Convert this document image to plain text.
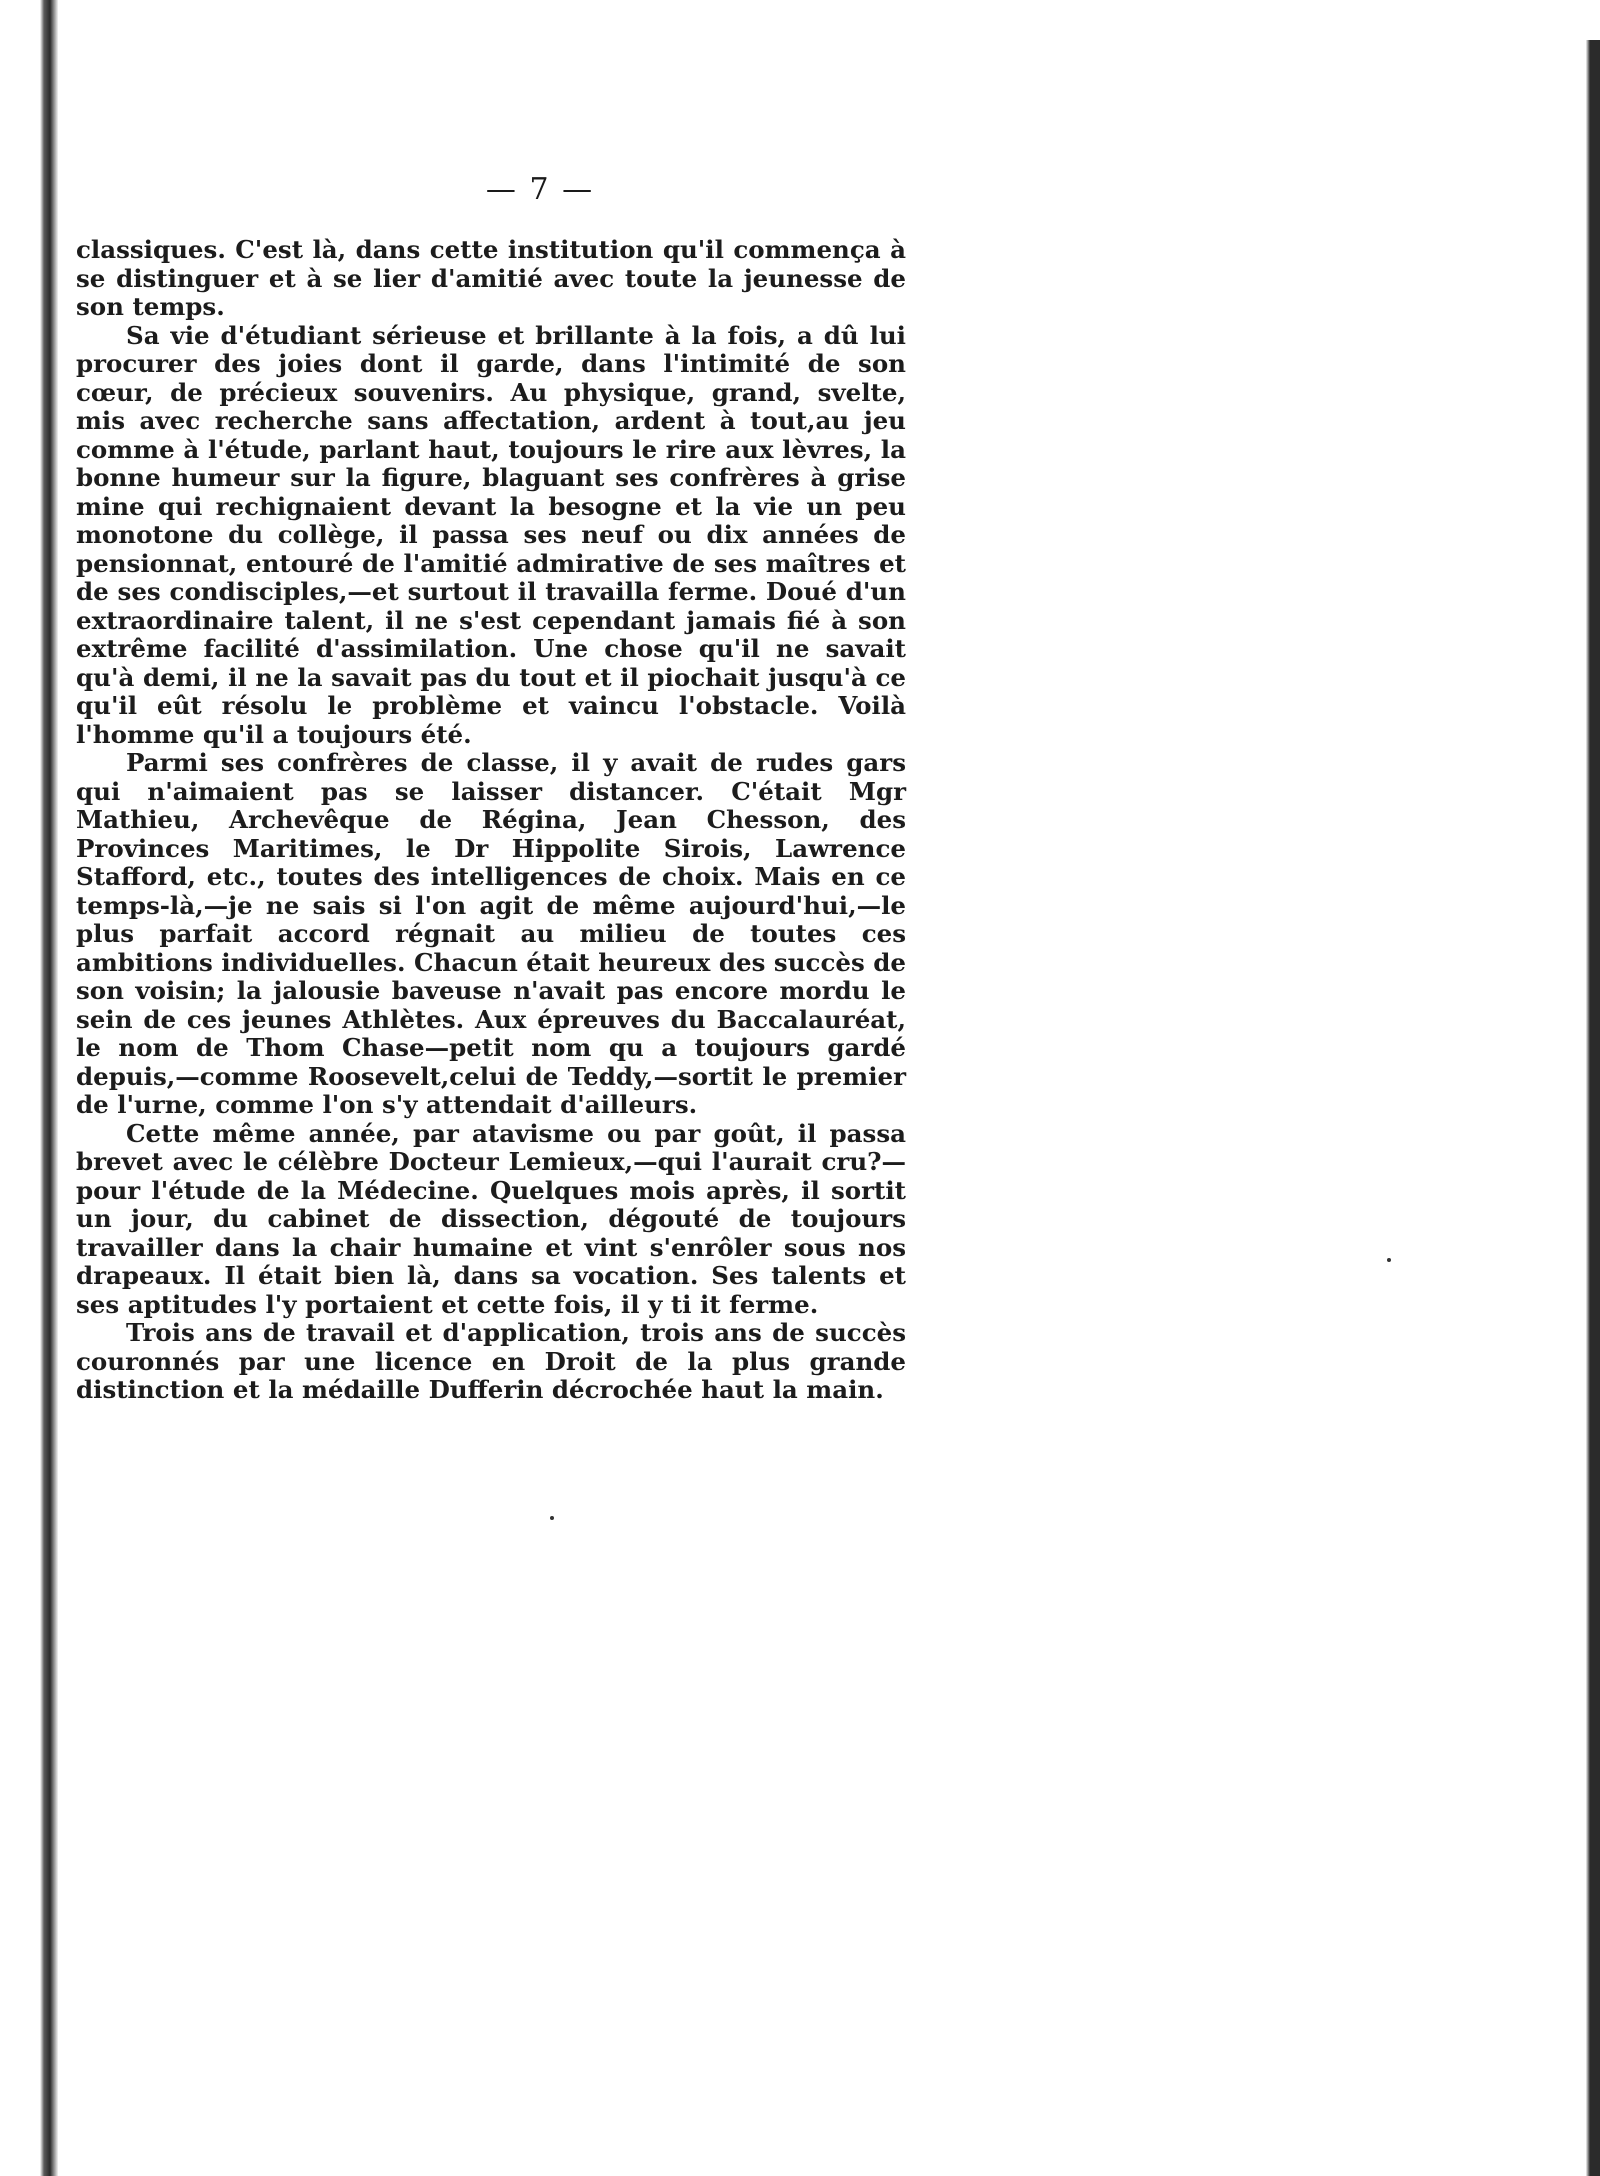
— 7 —

classiques. C'est là, dans cette institution qu'il commença à se distinguer et à se lier d'amitié avec toute la jeunesse de son temps.

Sa vie d'étudiant sérieuse et brillante à la fois, a dû lui procurer des joies dont il garde, dans l'intimité de son cœur, de précieux souvenirs. Au physique, grand, svelte, mis avec recherche sans affectation, ardent à tout,au jeu comme à l'étude, parlant haut, toujours le rire aux lèvres, la bonne humeur sur la figure, blaguant ses confrères à grise mine qui rechignaient devant la besogne et la vie un peu monotone du collège, il passa ses neuf ou dix années de pensionnat, entouré de l'amitié admirative de ses maîtres et de ses condisciples,—et surtout il travailla ferme. Doué d'un extraordinaire talent, il ne s'est cependant jamais fié à son extrême facilité d'assimilation. Une chose qu'il ne savait qu'à demi, il ne la savait pas du tout et il piochait jusqu'à ce qu'il eût résolu le problème et vaincu l'obstacle. Voilà l'homme qu'il a toujours été.

Parmi ses confrères de classe, il y avait de rudes gars qui n'aimaient pas se laisser distancer. C'était Mgr Mathieu, Archevêque de Régina, Jean Chesson, des Provinces Maritimes, le Dr Hippolite Sirois, Lawrence Stafford, etc., toutes des intelligences de choix. Mais en ce temps-là,—je ne sais si l'on agit de même aujourd'hui,—le plus parfait accord régnait au milieu de toutes ces ambitions individuelles. Chacun était heureux des succès de son voisin; la jalousie baveuse n'avait pas encore mordu le sein de ces jeunes Athlètes. Aux épreuves du Baccalauréat, le nom de Thom Chase—petit nom qu a toujours gardé depuis,—comme Roosevelt,celui de Teddy,—sortit le premier de l'urne, comme l'on s'y attendait d'ailleurs.

Cette même année, par atavisme ou par goût, il passa brevet avec le célèbre Docteur Lemieux,—qui l'aurait cru?—pour l'étude de la Médecine. Quelques mois après, il sortit un jour, du cabinet de dissection, dégouté de toujours travailler dans la chair humaine et vint s'enrôler sous nos drapeaux. Il était bien là, dans sa vocation. Ses talents et ses aptitudes l'y portaient et cette fois, il y ti it ferme.

Trois ans de travail et d'application, trois ans de succès couronnés par une licence en Droit de la plus grande distinction et la médaille Dufferin décrochée haut la main.
